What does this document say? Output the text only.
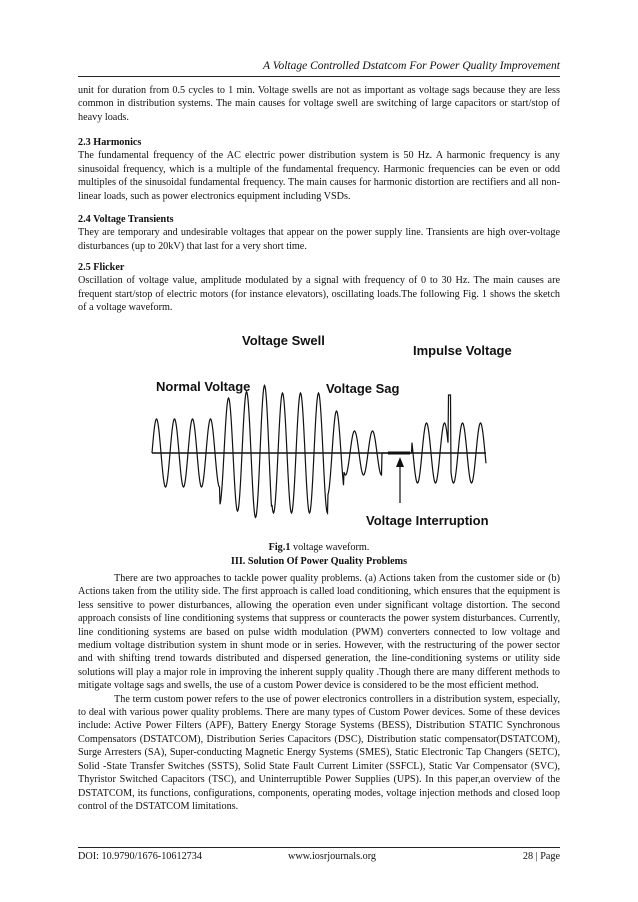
A Voltage Controlled Dstatcom For Power Quality Improvement

unit for duration from 0.5 cycles to 1 min. Voltage swells are not as important as voltage sags because they are less common in distribution systems. The main causes for voltage swell are switching of large capacitors or start/stop of heavy loads.

2.3 Harmonics

The fundamental frequency of the AC electric power distribution system is 50 Hz. A harmonic frequency is any sinusoidal frequency, which is a multiple of the fundamental frequency. Harmonic frequencies can be even or odd multiples of the sinusoidal fundamental frequency. The main causes for harmonic distortion are rectifiers and all non-linear loads, such as power electronics equipment including VSDs.

2.4 Voltage Transients

They are temporary and undesirable voltages that appear on the power supply line. Transients are high over-voltage disturbances (up to 20kV) that last for a very short time.

2.5 Flicker

Oscillation of voltage value, amplitude modulated by a signal with frequency of 0 to 30 Hz. The main causes are frequent start/stop of electric motors (for instance elevators), oscillating loads.The following Fig. 1 shows the sketch of a voltage waveform.

Voltage Swell
Normal Voltage	Voltage Sag
Impulse Voltage
Voltage Interruption
Fig.1 voltage waveform.
III. Solution Of Power Quality Problems

There are two approaches to tackle power quality problems. (a) Actions taken from the customer side or (b) Actions taken from the utility side. The first approach is called load conditioning, which ensures that the equipment is less sensitive to power disturbances, allowing the operation even under significant voltage distortion. The second approach consists of line conditioning systems that suppress or counteracts the power system disturbances. Currently, line conditioning systems are based on pulse width modulation (PWM) converters connected to low voltage and medium voltage distribution system in shunt mode or in series. However, with the restructuring of the power sector and with shifting trend towards distributed and dispersed generation, the line-conditioning systems or utility side solutions will play a major role in improving the inherent supply quality .Though there are many different methods to mitigate voltage sags and swells, the use of a custom Power device is considered to be the most efficient method.

The term custom power refers to the use of power electronics controllers in a distribution system, especially, to deal with various power quality problems. There are many types of Custom Power devices. Some of these devices include: Active Power Filters (APF), Battery Energy Storage Systems (BESS), Distribution STATIC Synchronous Compensators (DSTATCOM), Distribution Series Capacitors (DSC), Distribution static compensator(DSTATCOM), Surge Arresters (SA), Super-conducting Magnetic Energy Systems (SMES), Static Electronic Tap Changers (SETC), Solid -State Transfer Switches (SSTS), Solid State Fault Current Limiter (SSFCL), Static Var Compensator (SVC), Thyristor Switched Capacitors (TSC), and Uninterruptible Power Supplies (UPS). In this paper,an overview of the DSTATCOM, its functions, configurations, components, operating modes, voltage injection methods and closed loop control of the DSTATCOM limitations.

DOI: 10.9790/1676-10612734	www.iosrjournals.org	28 | Page
